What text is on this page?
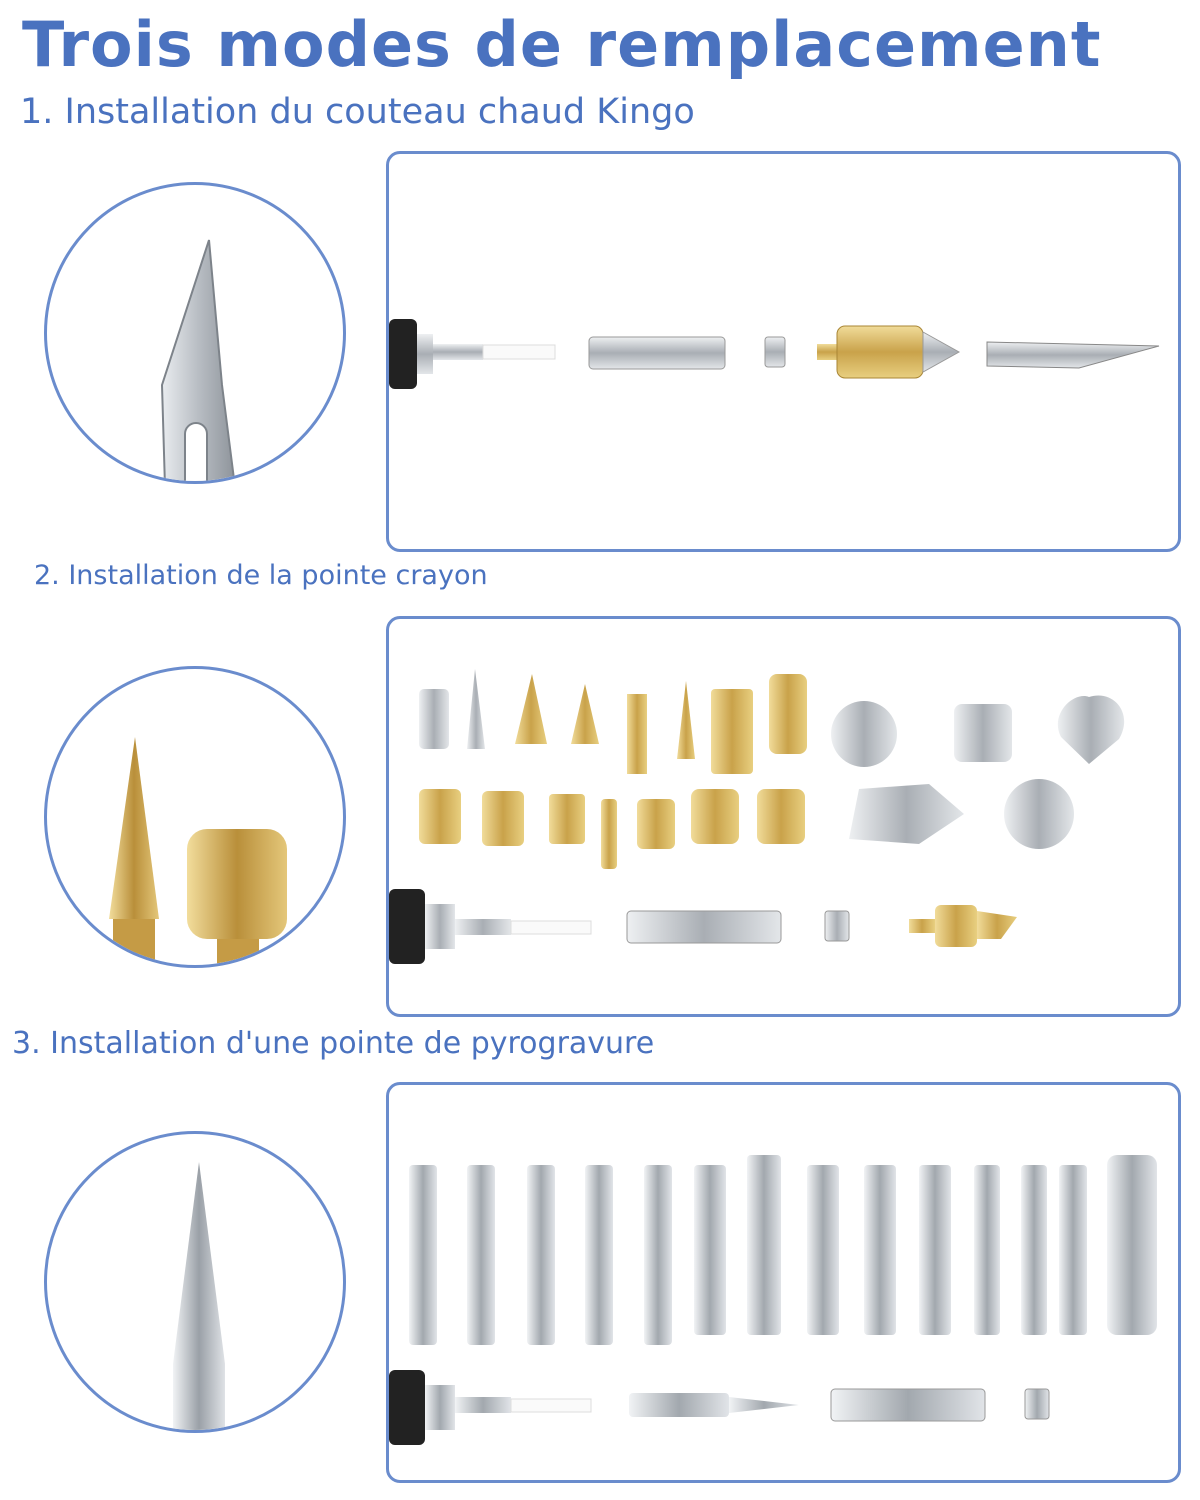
Trois modes de remplacement
1. Installation du couteau chaud Kingo
2. Installation de la pointe crayon
3. Installation d'une pointe de pyrogravure
